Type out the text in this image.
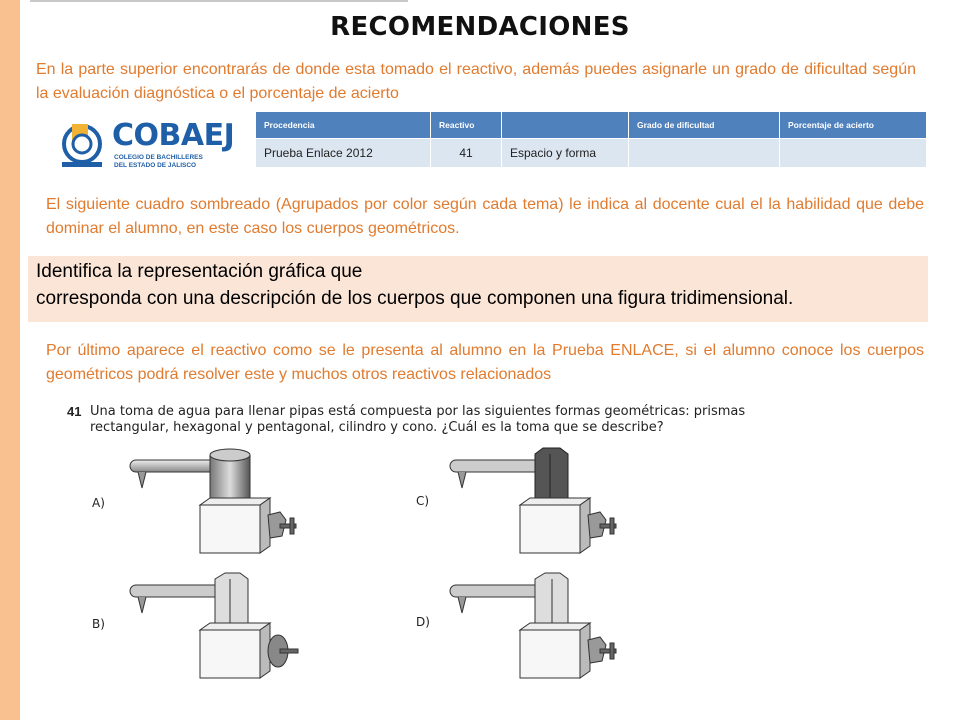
RECOMENDACIONES
En la parte superior encontrarás de donde esta tomado el reactivo, además puedes asignarle un grado de dificultad según la evaluación diagnóstica o el porcentaje de acierto
COBAEJ
COLEGIO DE BACHILLERES
DEL ESTADO DE JALISCO
Procedencia	Reactivo		Grado de dificultad	Porcentaje de acierto
Prueba Enlace 2012	41	Espacio y forma		
El siguiente cuadro sombreado (Agrupados por color según cada tema) le indica al docente cual el la habilidad que debe dominar el alumno, en este caso los cuerpos geométricos.
Identifica la representación gráfica que
corresponda con una descripción de los cuerpos que componen una figura tridimensional.
Por último aparece el reactivo como se le presenta al alumno en la Prueba ENLACE, si el alumno conoce los cuerpos geométricos podrá resolver este y muchos otros reactivos relacionados
41 Una toma de agua para llenar pipas está compuesta por las siguientes formas geométricas: prismas rectangular, hexagonal y pentagonal, cilindro y cono. ¿Cuál es la toma que se describe?
A)
B)
C)
D)
